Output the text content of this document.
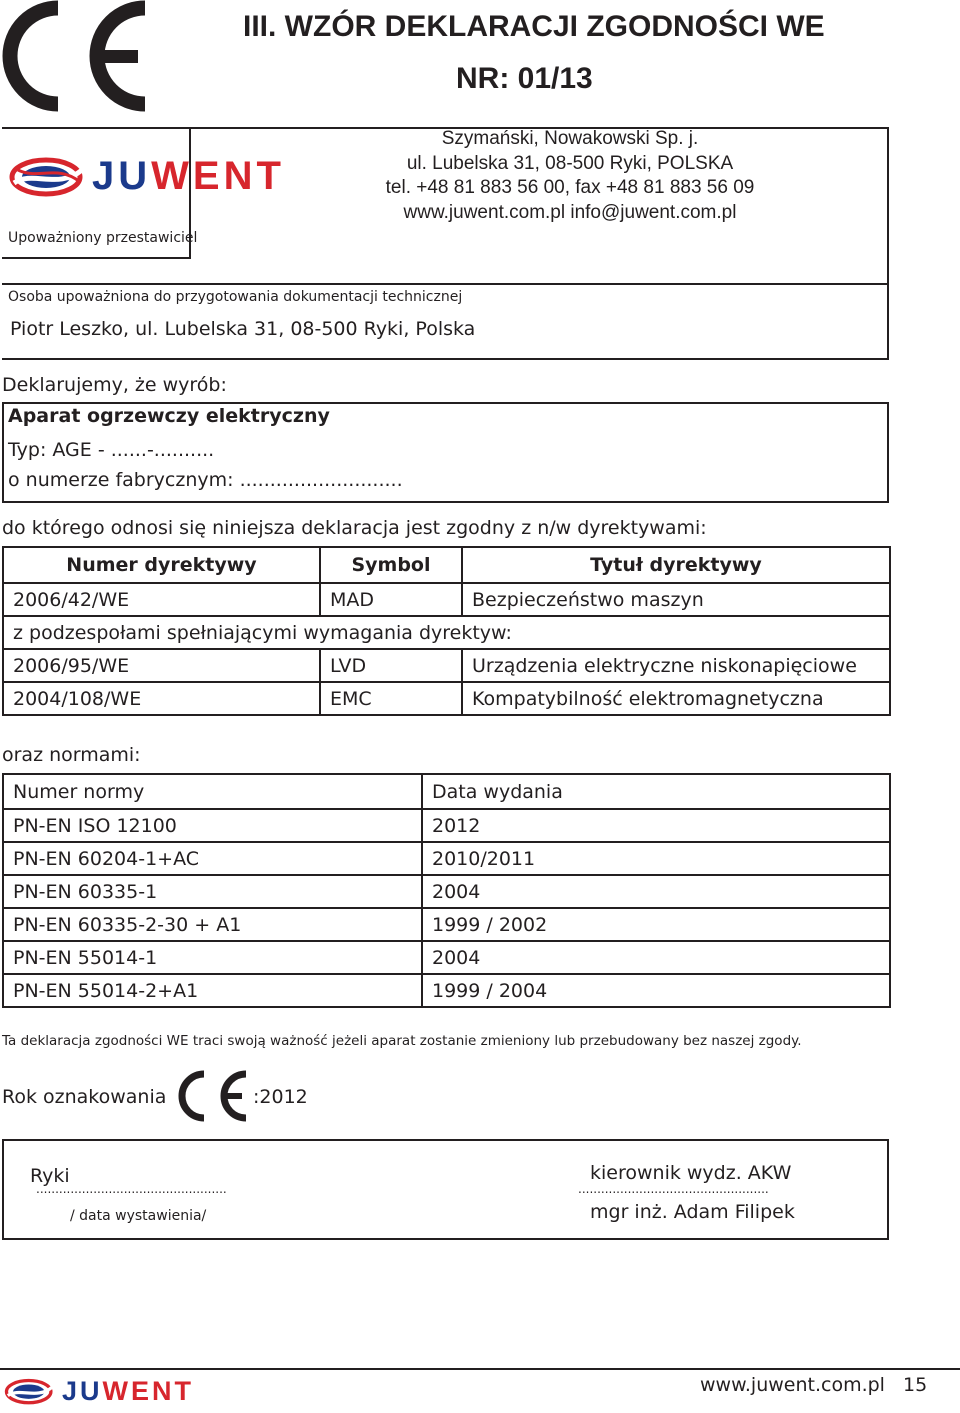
III. WZÓR DEKLARACJI ZGODNOŚCI WE
NR: 01/13
JUWENT
Szymański, Nowakowski Sp. j.
ul. Lubelska 31, 08-500 Ryki, POLSKA
tel. +48 81 883 56 00, fax +48 81 883 56 09
www.juwent.com.pl info@juwent.com.pl
Upoważniony przestawiciel
Osoba upoważniona do przygotowania dokumentacji technicznej
Piotr Leszko, ul. Lubelska 31, 08-500 Ryki, Polska
Deklarujemy, że wyrób:
Aparat ogrzewczy elektryczny
Typ: AGE - ......-..........
o numerze fabrycznym: ...........................
do którego odnosi się niniejsza deklaracja jest zgodny z n/w dyrektywami:
Numer dyrektywy	Symbol	Tytuł dyrektywy
2006/42/WE	MAD	Bezpieczeństwo maszyn
z podzespołami spełniającymi wymagania dyrektyw:		
2006/95/WE	LVD	Urządzenia elektryczne niskonapięciowe
2004/108/WE	EMC	Kompatybilność elektromagnetyczna
oraz normami:
Numer normy	Data wydania
PN-EN ISO 12100	2012
PN-EN 60204-1+AC	2010/2011
PN-EN 60335-1	2004
PN-EN 60335-2-30 + A1	1999 / 2002
PN-EN 55014-1	2004
PN-EN 55014-2+A1	1999 / 2004
Ta deklaracja zgodności WE traci swoją ważność jeżeli aparat zostanie zmieniony lub przebudowany bez naszej zgody.
Rok oznakowania	:2012
Ryki
..................................................
/ data wystawienia/
kierownik wydz. AKW
..................................................
mgr inż. Adam Filipek
JUWENT	www.juwent.com.pl 15
